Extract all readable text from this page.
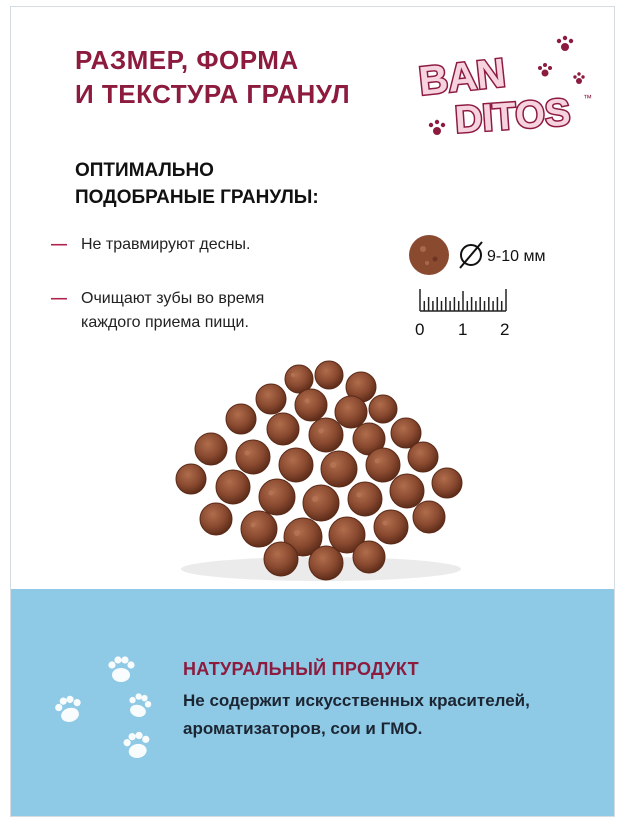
РАЗМЕР, ФОРМА
И ТЕКСТУРА ГРАНУЛ BAN
DITOS ™
ОПТИМАЛЬНО
ПОДОБРАНЫЕ ГРАНУЛЫ:
— Не травмируют десны.
— Очищают зубы во время
каждого приема пищи.
9-10 мм
0 1 2
НАТУРАЛЬНЫЙ ПРОДУКТ

Не содержит искусственных красителей,
ароматизаторов, сои и ГМО.
